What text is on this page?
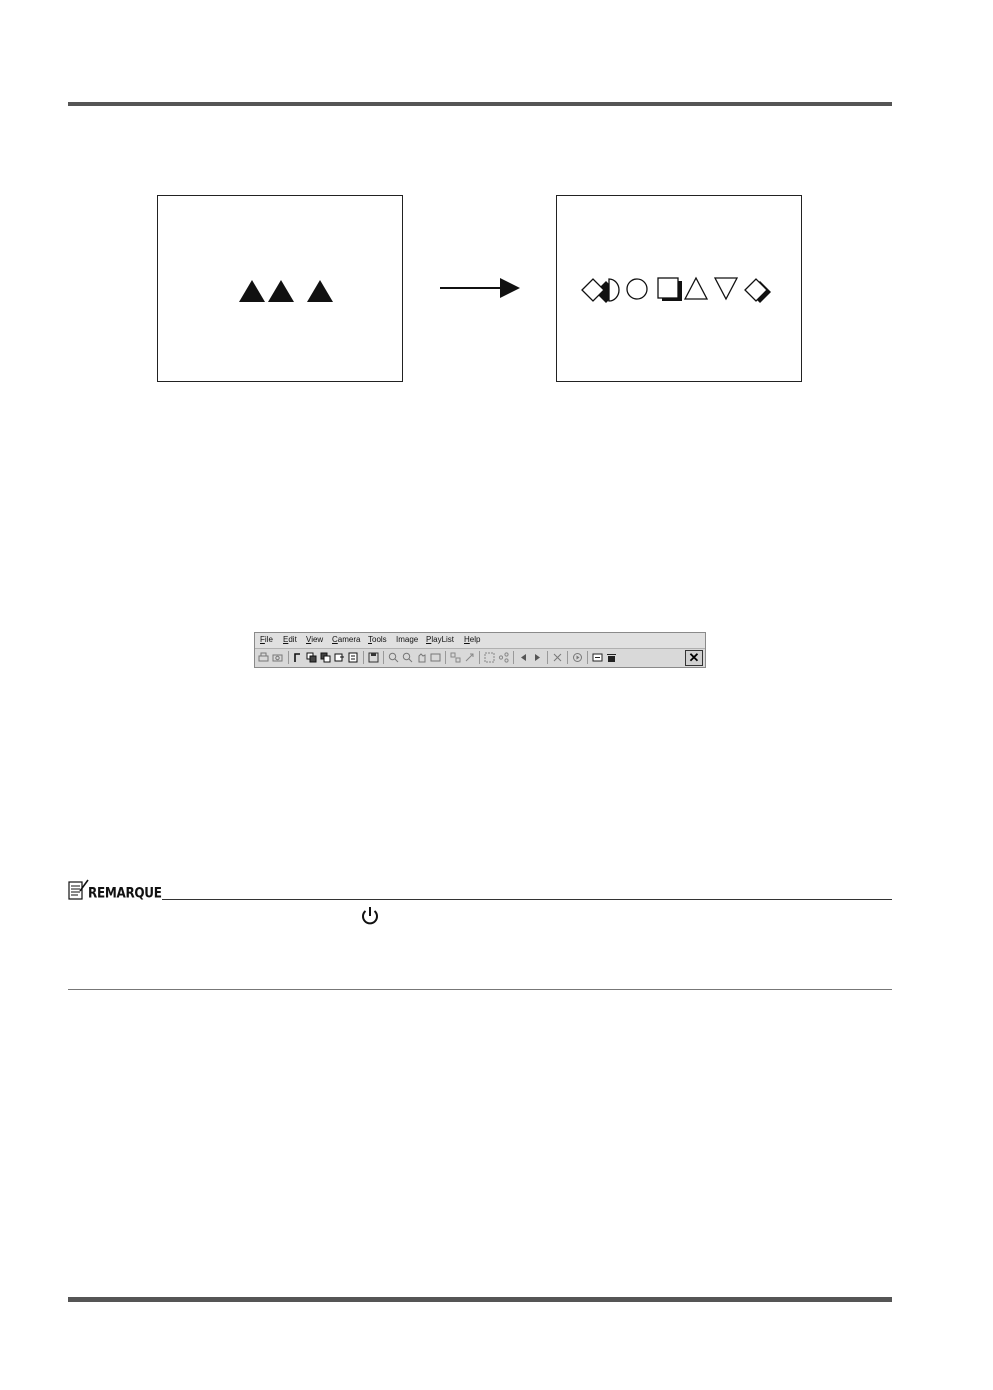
File Edit View Camera Tools Image PlayList Help
✕
REMARQUE
